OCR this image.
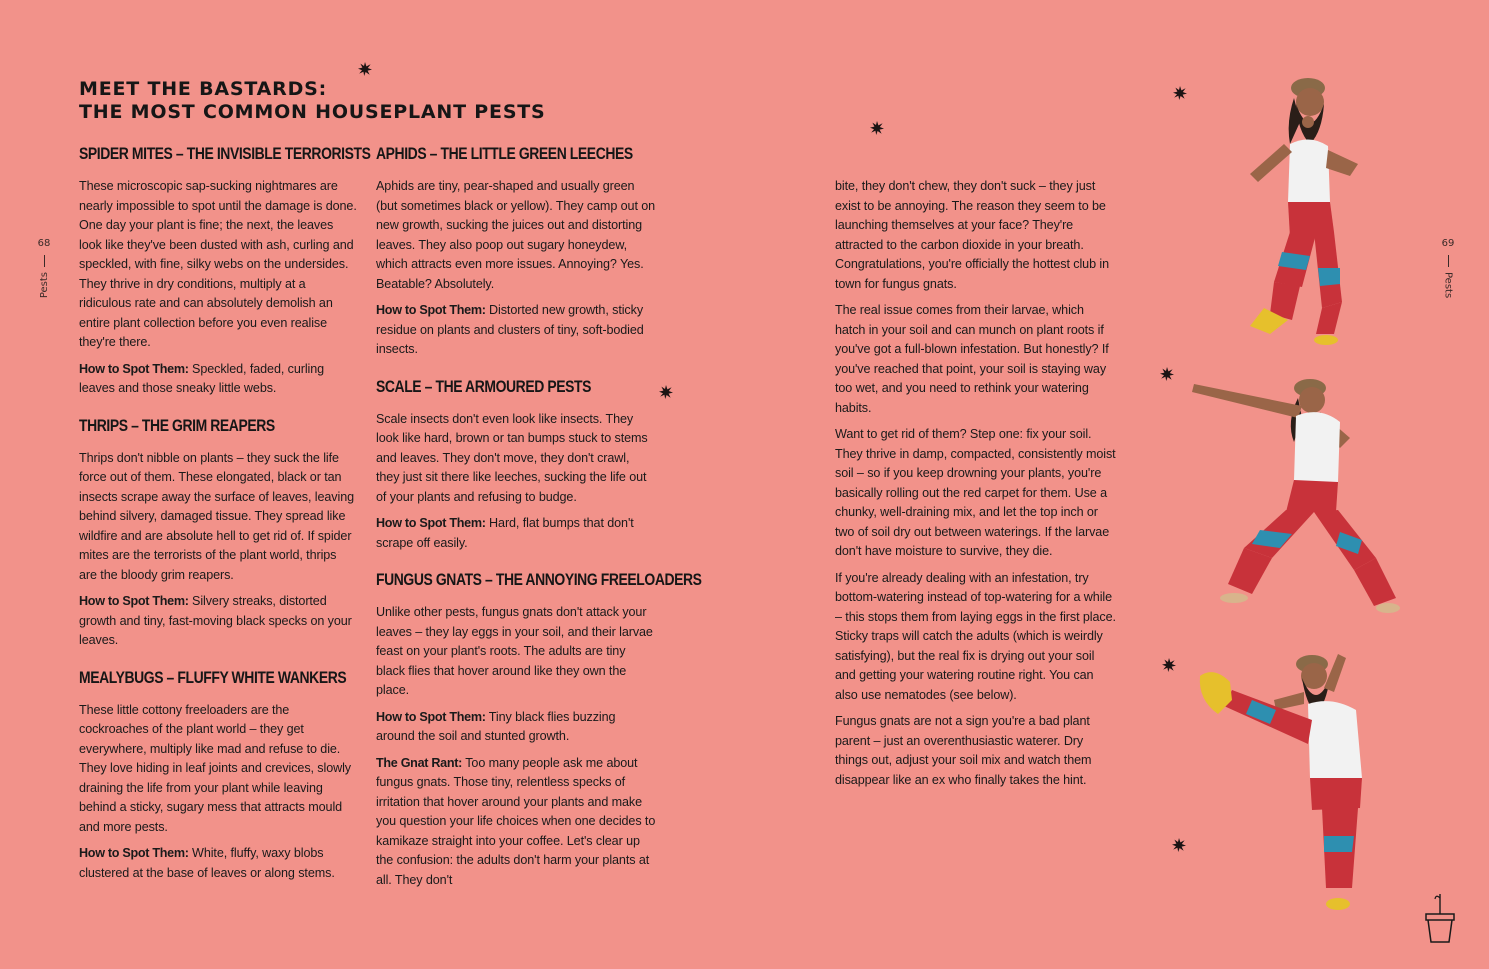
68
Pests
69
Pests
MEET THE BASTARDS:
THE MOST COMMON HOUSEPLANT PESTS
SPIDER MITES – THE INVISIBLE TERRORISTS

These microscopic sap-sucking nightmares are nearly impossible to spot until the damage is done. One day your plant is fine; the next, the leaves look like they've been dusted with ash, curling and speckled, with fine, silky webs on the undersides. They thrive in dry conditions, multiply at a ridiculous rate and can absolutely demolish an entire plant collection before you even realise they're there.

How to Spot Them: Speckled, faded, curling leaves and those sneaky little webs.

THRIPS – THE GRIM REAPERS

Thrips don't nibble on plants – they suck the life force out of them. These elongated, black or tan insects scrape away the surface of leaves, leaving behind silvery, damaged tissue. They spread like wildfire and are absolute hell to get rid of. If spider mites are the terrorists of the plant world, thrips are the bloody grim reapers.

How to Spot Them: Silvery streaks, distorted growth and tiny, fast-moving black specks on your leaves.

MEALYBUGS – FLUFFY WHITE WANKERS

These little cottony freeloaders are the cockroaches of the plant world – they get everywhere, multiply like mad and refuse to die. They love hiding in leaf joints and crevices, slowly draining the life from your plant while leaving behind a sticky, sugary mess that attracts mould and more pests.

How to Spot Them: White, fluffy, waxy blobs clustered at the base of leaves or along stems.

APHIDS – THE LITTLE GREEN LEECHES

Aphids are tiny, pear-shaped and usually green (but sometimes black or yellow). They camp out on new growth, sucking the juices out and distorting leaves. They also poop out sugary honeydew, which attracts even more issues. Annoying? Yes. Beatable? Absolutely.

How to Spot Them: Distorted new growth, sticky residue on plants and clusters of tiny, soft-bodied insects.

SCALE – THE ARMOURED PESTS

Scale insects don't even look like insects. They look like hard, brown or tan bumps stuck to stems and leaves. They don't move, they don't crawl, they just sit there like leeches, sucking the life out of your plants and refusing to budge.

How to Spot Them: Hard, flat bumps that don't scrape off easily.

FUNGUS GNATS – THE ANNOYING FREELOADERS

Unlike other pests, fungus gnats don't attack your leaves – they lay eggs in your soil, and their larvae feast on your plant's roots. The adults are tiny black flies that hover around like they own the place.

How to Spot Them: Tiny black flies buzzing around the soil and stunted growth.

The Gnat Rant: Too many people ask me about fungus gnats. Those tiny, relentless specks of irritation that hover around your plants and make you question your life choices when one decides to kamikaze straight into your coffee. Let's clear up the confusion: the adults don't harm your plants at all. They don't

bite, they don't chew, they don't suck – they just exist to be annoying. The reason they seem to be launching themselves at your face? They're attracted to the carbon dioxide in your breath. Congratulations, you're officially the hottest club in town for fungus gnats.

The real issue comes from their larvae, which hatch in your soil and can munch on plant roots if you've got a full-blown infestation. But honestly? If you've reached that point, your soil is staying way too wet, and you need to rethink your watering habits.

Want to get rid of them? Step one: fix your soil. They thrive in damp, compacted, consistently moist soil – so if you keep drowning your plants, you're basically rolling out the red carpet for them. Use a chunky, well-draining mix, and let the top inch or two of soil dry out between waterings. If the larvae don't have moisture to survive, they die.

If you're already dealing with an infestation, try bottom-watering instead of top-watering for a while – this stops them from laying eggs in the first place. Sticky traps will catch the adults (which is weirdly satisfying), but the real fix is drying out your soil and getting your watering routine right. You can also use nematodes (see below).

Fungus gnats are not a sign you're a bad plant parent – just an overenthusiastic waterer. Dry things out, adjust your soil mix and watch them disappear like an ex who finally takes the hint.
